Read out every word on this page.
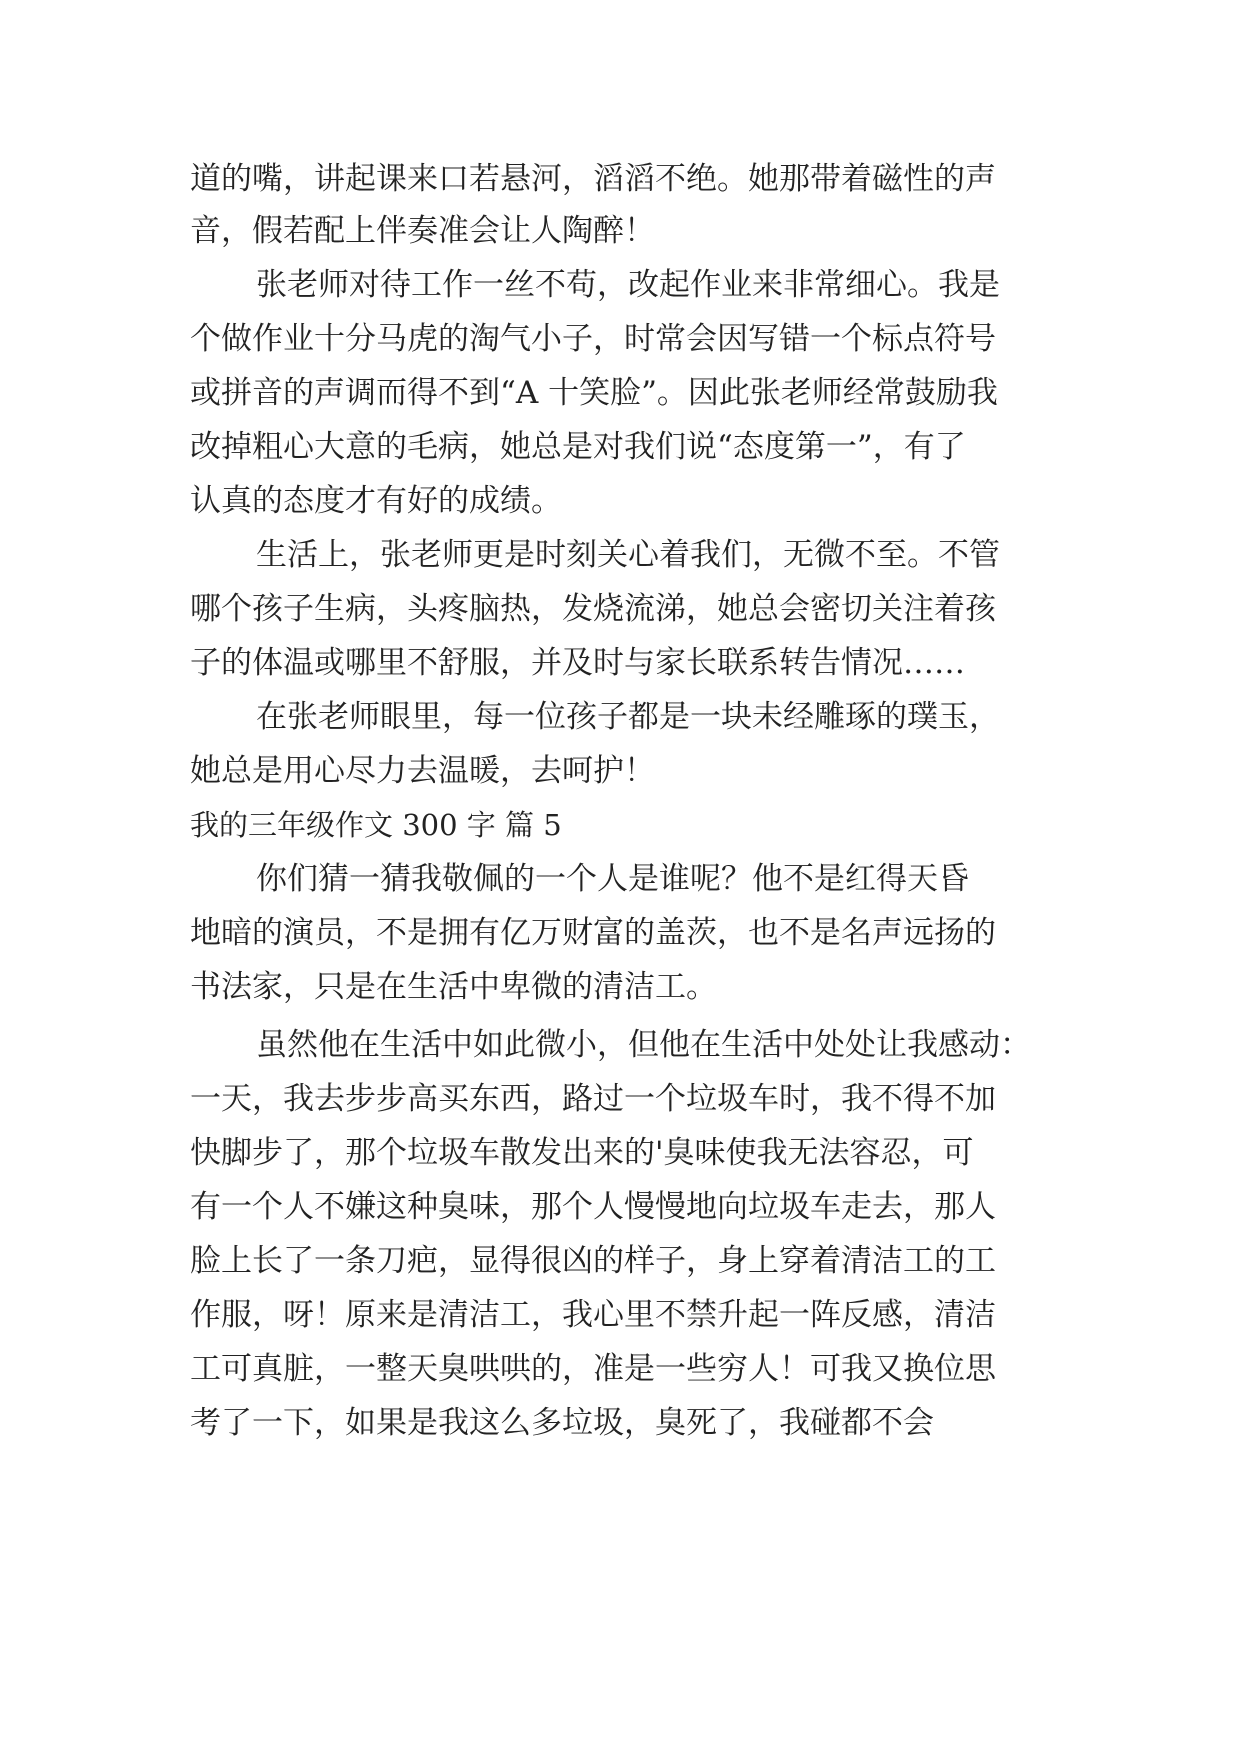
道的嘴，讲起课来口若悬河，滔滔不绝。她那带着磁性的声
音，假若配上伴奏准会让人陶醉！
张老师对待工作一丝不苟，改起作业来非常细心。我是
个做作业十分马虎的淘气小子，时常会因写错一个标点符号
或拼音的声调而得不到“A 十笑脸”。因此张老师经常鼓励我
改掉粗心大意的毛病，她总是对我们说“态度第一”，有了
认真的态度才有好的成绩。
生活上，张老师更是时刻关心着我们，无微不至。不管
哪个孩子生病，头疼脑热，发烧流涕，她总会密切关注着孩
子的体温或哪里不舒服，并及时与家长联系转告情况……
在张老师眼里，每一位孩子都是一块未经雕琢的璞玉，
她总是用心尽力去温暖，去呵护！
我的三年级作文 300 字 篇 5
你们猜一猜我敬佩的一个人是谁呢？他不是红得天昏
地暗的演员，不是拥有亿万财富的盖茨，也不是名声远扬的
书法家，只是在生活中卑微的清洁工。
虽然他在生活中如此微小，但他在生活中处处让我感动：
一天，我去步步高买东西，路过一个垃圾车时，我不得不加
快脚步了，那个垃圾车散发出来的'臭味使我无法容忍，可
有一个人不嫌这种臭味，那个人慢慢地向垃圾车走去，那人
脸上长了一条刀疤，显得很凶的样子，身上穿着清洁工的工
作服，呀！原来是清洁工，我心里不禁升起一阵反感，清洁
工可真脏，一整天臭哄哄的，准是一些穷人！可我又换位思
考了一下，如果是我这么多垃圾，臭死了，我碰都不会
